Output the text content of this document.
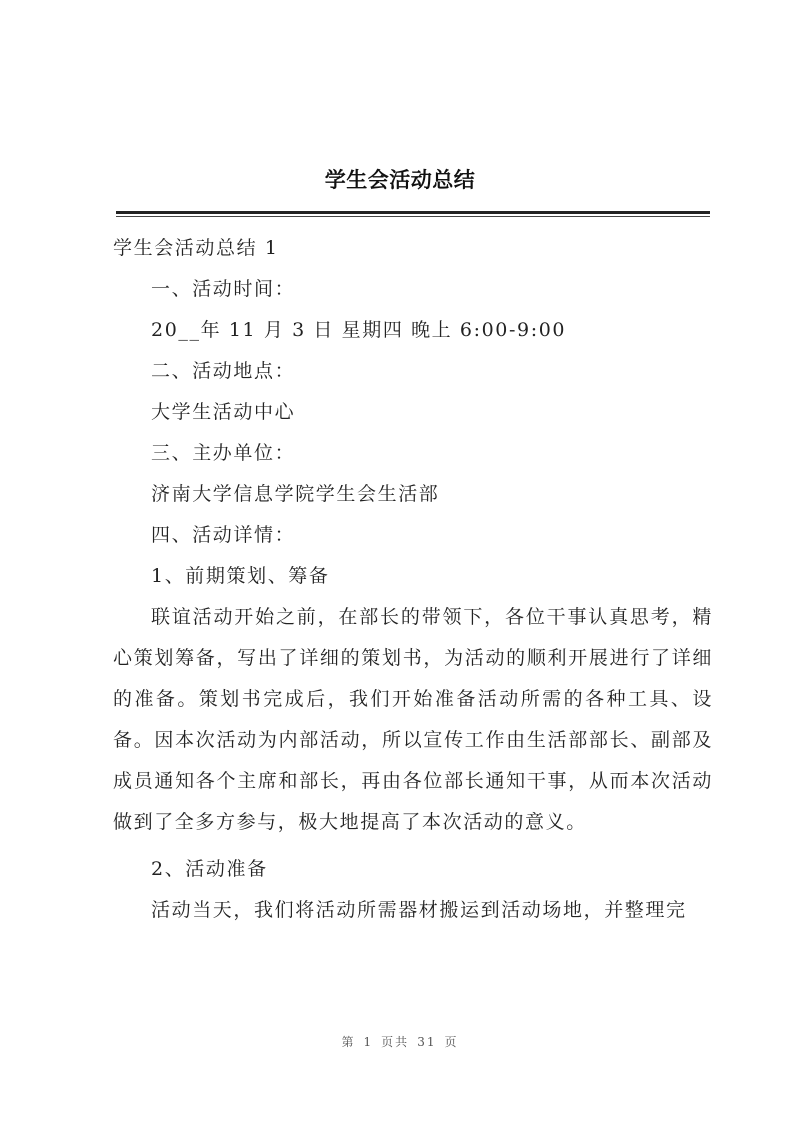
学生会活动总结

学生会活动总结 1

一、活动时间：

20__年 11 月 3 日 星期四 晚上 6:00-9:00

二、活动地点：

大学生活动中心

三、主办单位：

济南大学信息学院学生会生活部

四、活动详情：

1、前期策划、筹备

联谊活动开始之前，在部长的带领下，各位干事认真思考，精心策划筹备，写出了详细的策划书，为活动的顺利开展进行了详细的准备。策划书完成后，我们开始准备活动所需的各种工具、设备。因本次活动为内部活动，所以宣传工作由生活部部长、副部及成员通知各个主席和部长，再由各位部长通知干事，从而本次活动做到了全多方参与，极大地提高了本次活动的意义。

2、活动准备

活动当天，我们将活动所需器材搬运到活动场地，并整理完

第 1 页共 31 页
